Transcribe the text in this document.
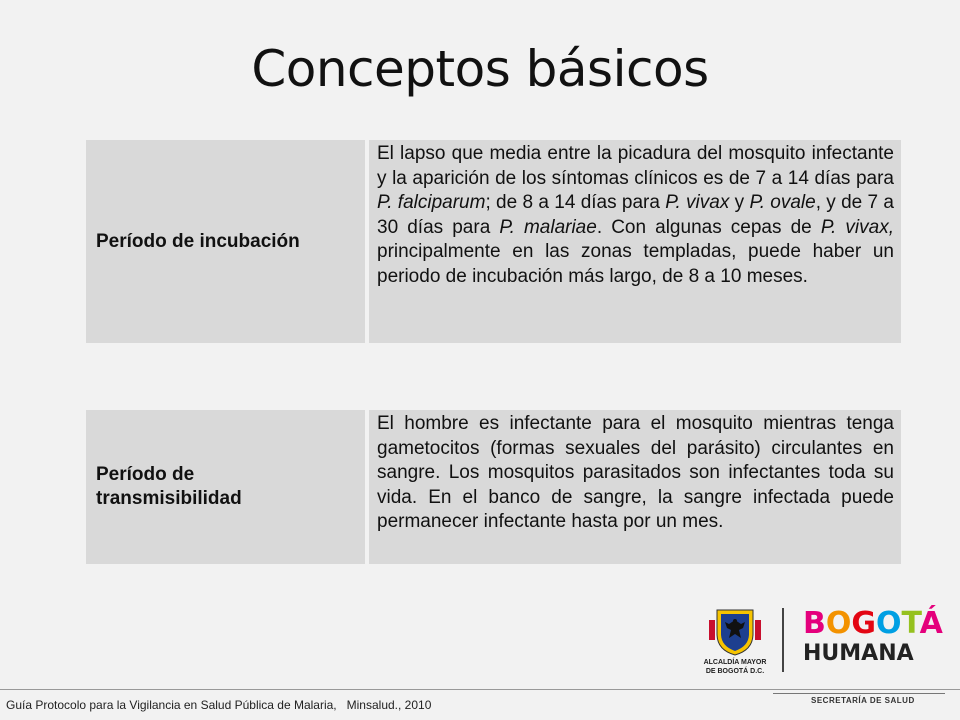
Conceptos básicos
Período de incubación
El lapso que media entre la picadura del mosquito infectante y la aparición de los síntomas clínicos es de 7 a 14 días para P. falciparum; de 8 a 14 días para P. vivax y P. ovale, y de 7 a 30 días para P. malariae. Con algunas cepas de P. vivax, principalmente en las zonas templadas, puede haber un periodo de incubación más largo, de 8 a 10 meses.
Período de
transmisibilidad
El hombre es infectante para el mosquito mientras tenga gametocitos (formas sexuales del parásito) circulantes en sangre. Los mosquitos parasitados son infectantes toda su vida. En el banco de sangre, la sangre infectada puede permanecer infectante hasta por un mes.
Guía Protocolo para la Vigilancia en Salud Pública de Malaria,   Minsalud., 2010
ALCALDÍA MAYOR
DE BOGOTÁ D.C.
BOGOTÁ
HUMANA
SECRETARÍA DE SALUD
